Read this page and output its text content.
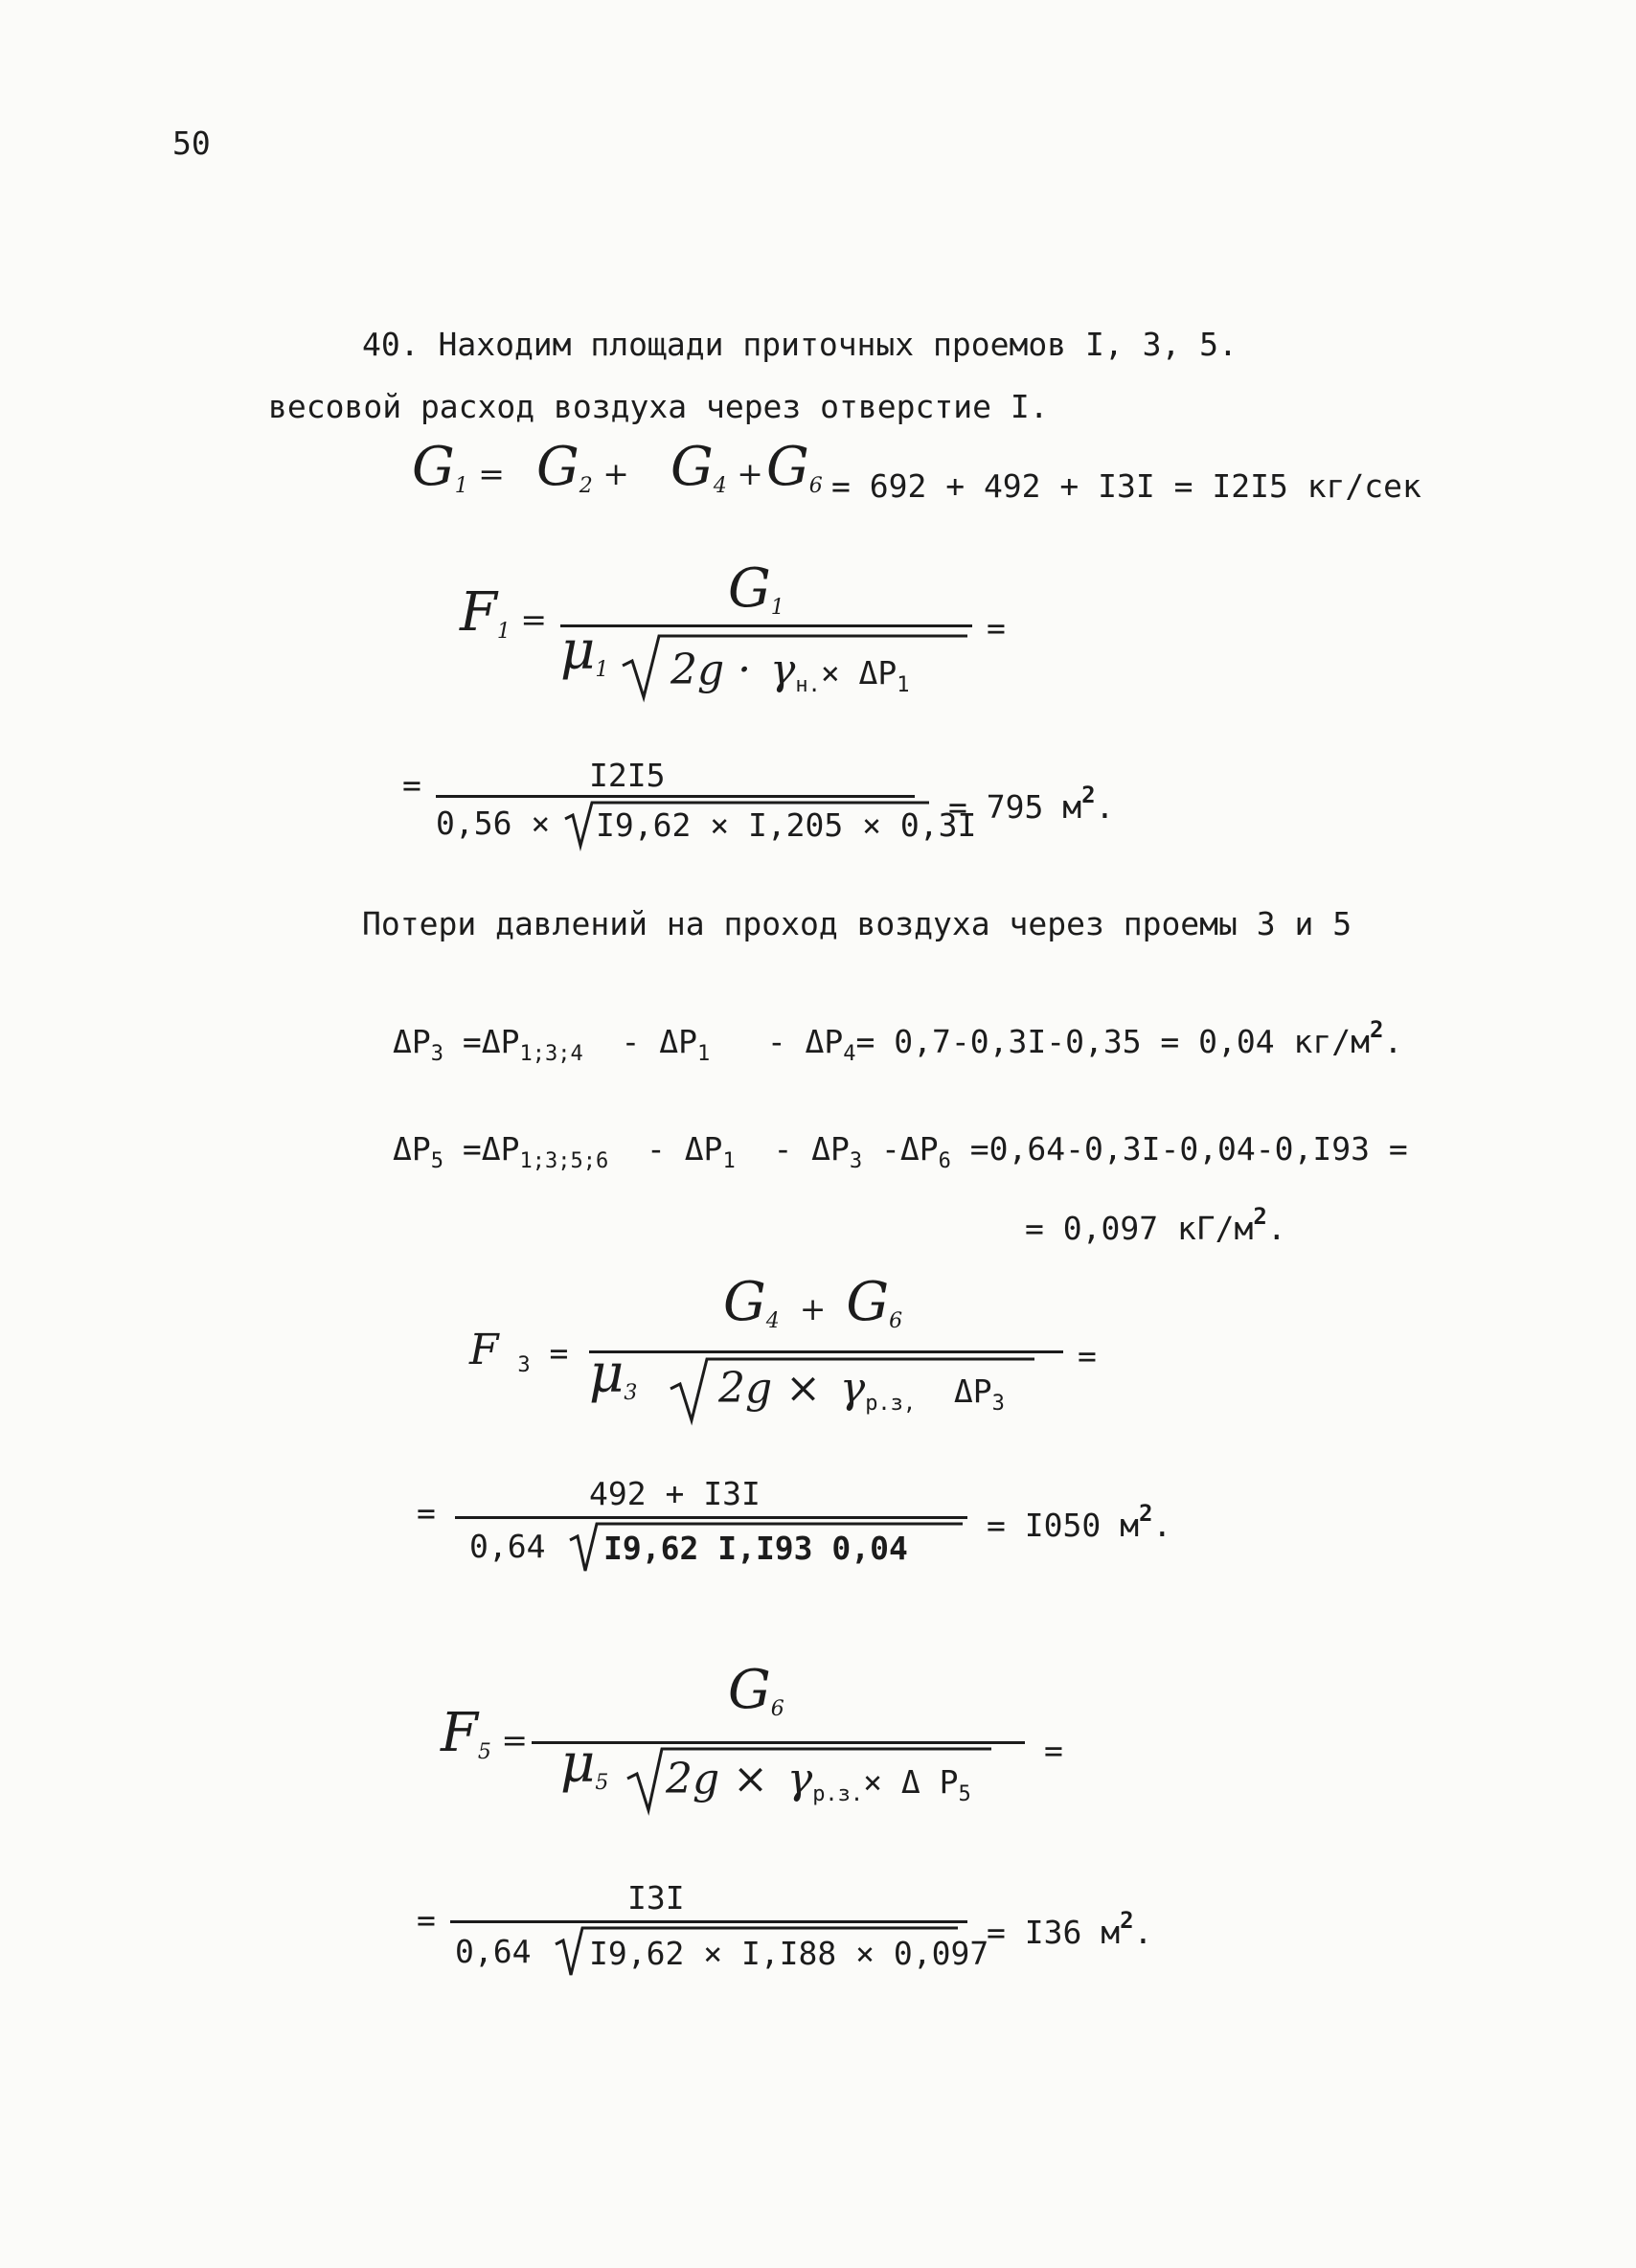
50
40. Находим площади приточных проемов I, 3, 5.
весовой расход воздуха через отверстие I.
$G_1 = G_2 + G_4 + G_6 = 692 + 492 + I3I = I2I5$ кг/сек
$F_1$ =	$G_1$
$\mu_1$ $2g \cdot \gamma_{н.}\times \Delta P_1$
=
=	I2I5
0,56 × I9,62 × I,205 × 0,3I
= 795 $м^2$.
Потери давлений на проход воздуха через проемы 3 и 5
$\Delta P_3 =\Delta P_{1;3;4} - \Delta P_1 - \Delta P_4= 0,7-0,3I-0,35 = 0,04$ $кг/м^2$.
$\Delta P_5 =\Delta P_{1;3;5;6} - \Delta P_1 - \Delta P_3$ $-\Delta P_6 =0,64-0,3I-0,04-0,I93$ =
= 0,097 $кГ/м^2$.
F $_3$ =
$G_4 + G_6$
$\mu_3$ $2g \times \gamma_{р.з,}$ $\Delta P_3$
=
=
492 + I3I
0,64 I9,62 I,I93 0,04
= I050 $м^2$.
$F_5$ =
$G_6$
$\mu_5$ $2g \times \gamma_{р.з.}\times \Delta$ $P_5$
=
=
I3I
0,64 I9,62 × I,I88 × 0,097
= I36 $м^2$.
